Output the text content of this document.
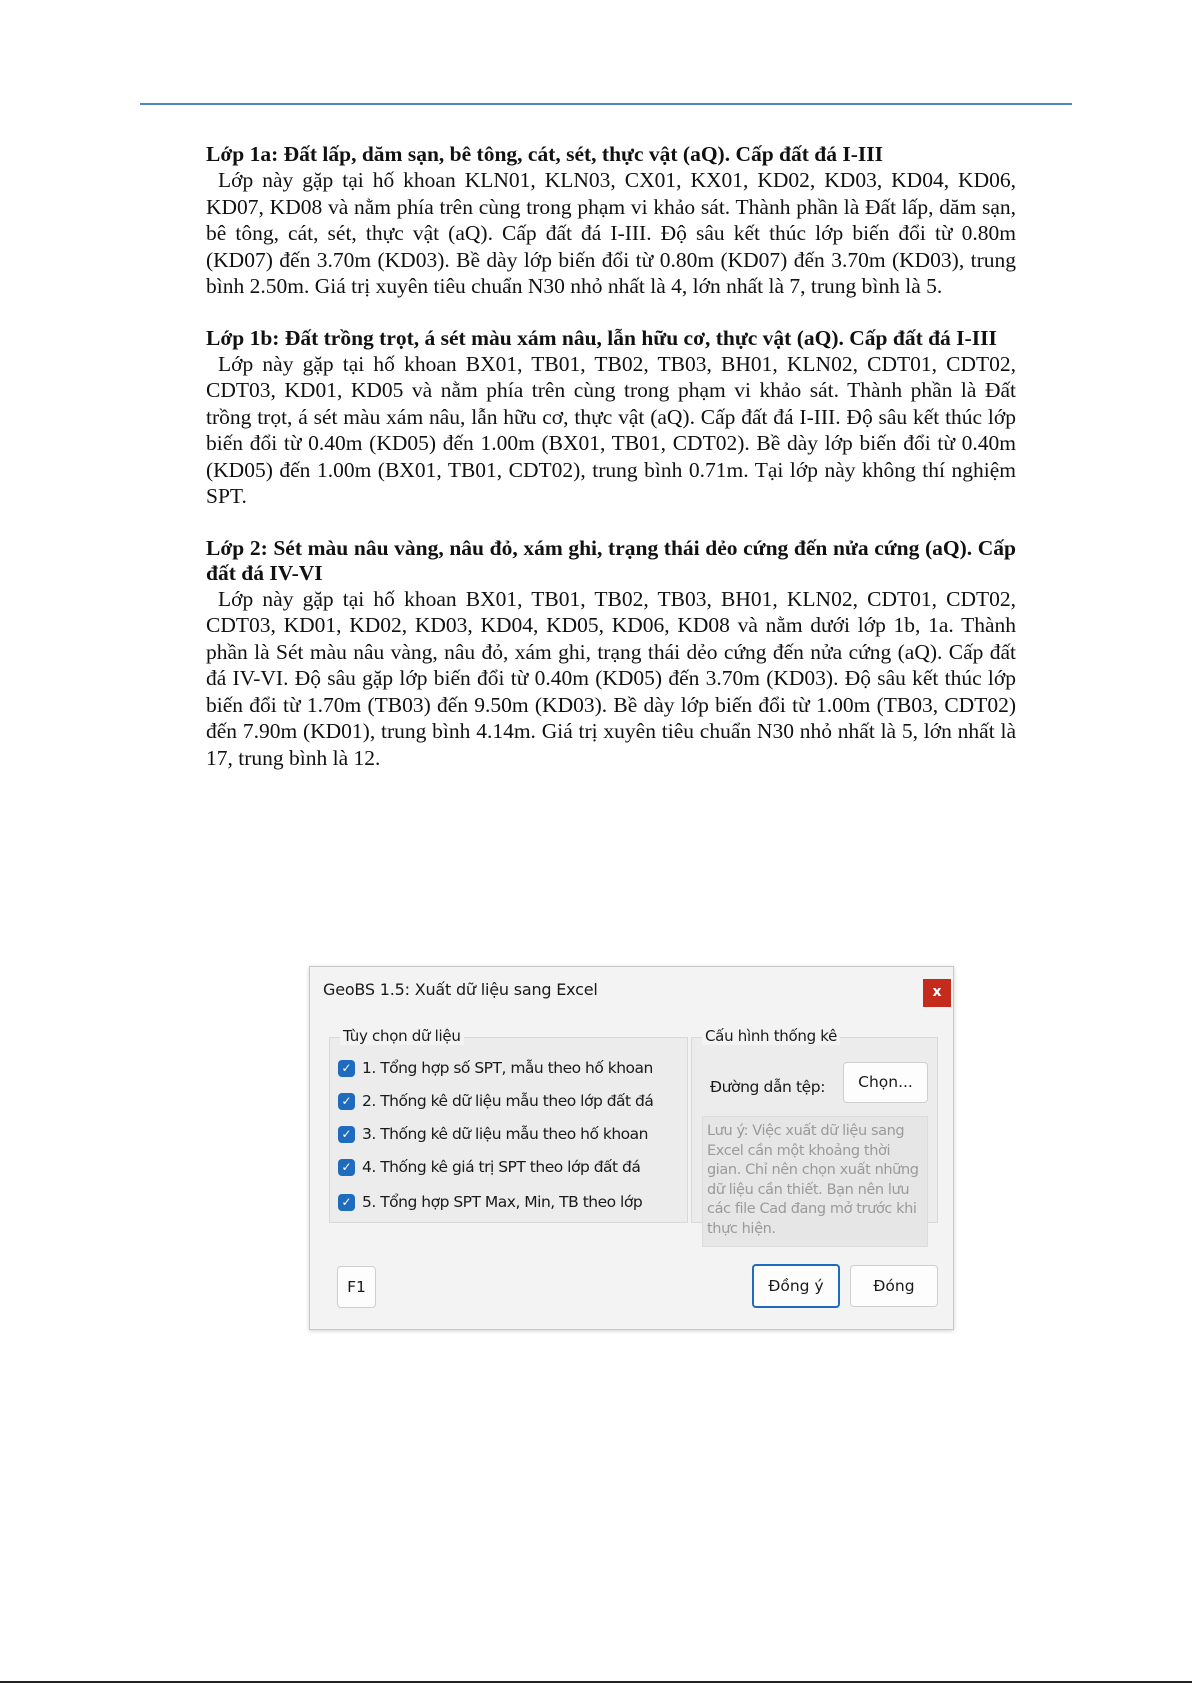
Lớp 1a: Đất lấp, dăm sạn, bê tông, cát, sét, thực vật (aQ). Cấp đất đá I-III

Lớp này gặp tại hố khoan KLN01, KLN03, CX01, KX01, KD02, KD03, KD04, KD06, KD07, KD08 và nằm phía trên cùng trong phạm vi khảo sát. Thành phần là Đất lấp, dăm sạn, bê tông, cát, sét, thực vật (aQ). Cấp đất đá I-III. Độ sâu kết thúc lớp biến đổi từ 0.80m (KD07) đến 3.70m (KD03). Bề dày lớp biến đổi từ 0.80m (KD07) đến 3.70m (KD03), trung bình 2.50m. Giá trị xuyên tiêu chuẩn N30 nhỏ nhất là 4, lớn nhất là 7, trung bình là 5.

Lớp 1b: Đất trồng trọt, á sét màu xám nâu, lẫn hữu cơ, thực vật (aQ). Cấp đất đá I-III

Lớp này gặp tại hố khoan BX01, TB01, TB02, TB03, BH01, KLN02, CDT01, CDT02, CDT03, KD01, KD05 và nằm phía trên cùng trong phạm vi khảo sát. Thành phần là Đất trồng trọt, á sét màu xám nâu, lẫn hữu cơ, thực vật (aQ). Cấp đất đá I-III. Độ sâu kết thúc lớp biến đổi từ 0.40m (KD05) đến 1.00m (BX01, TB01, CDT02). Bề dày lớp biến đổi từ 0.40m (KD05) đến 1.00m (BX01, TB01, CDT02), trung bình 0.71m. Tại lớp này không thí nghiệm SPT.

Lớp 2: Sét màu nâu vàng, nâu đỏ, xám ghi, trạng thái dẻo cứng đến nửa cứng (aQ). Cấp đất đá IV-VI

Lớp này gặp tại hố khoan BX01, TB01, TB02, TB03, BH01, KLN02, CDT01, CDT02, CDT03, KD01, KD02, KD03, KD04, KD05, KD06, KD08 và nằm dưới lớp 1b, 1a. Thành phần là Sét màu nâu vàng, nâu đỏ, xám ghi, trạng thái dẻo cứng đến nửa cứng (aQ). Cấp đất đá IV-VI. Độ sâu gặp lớp biến đổi từ 0.40m (KD05) đến 3.70m (KD03). Độ sâu kết thúc lớp biến đổi từ 1.70m (TB03) đến 9.50m (KD03). Bề dày lớp biến đổi từ 1.00m (TB03, CDT02) đến 7.90m (KD01), trung bình 4.14m. Giá trị xuyên tiêu chuẩn N30 nhỏ nhất là 5, lớn nhất là 17, trung bình là 12.

GeoBS 1.5: Xuất dữ liệu sang Excel	x
Tùy chọn dữ liệu
✓ 1. Tổng hợp số SPT, mẫu theo hố khoan
✓ 2. Thống kê dữ liệu mẫu theo lớp đất đá
✓ 3. Thống kê dữ liệu mẫu theo hố khoan
✓ 4. Thống kê giá trị SPT theo lớp đất đá
✓ 5. Tổng hợp SPT Max, Min, TB theo lớp
Cấu hình thống kê
Đường dẫn tệp:	Chọn...
Lưu ý: Việc xuất dữ liệu sang Excel cần một khoảng thời gian. Chỉ nên chọn xuất những dữ liệu cần thiết. Bạn nên lưu các file Cad đang mở trước khi thực hiện.
F1	Đồng ý	Đóng
